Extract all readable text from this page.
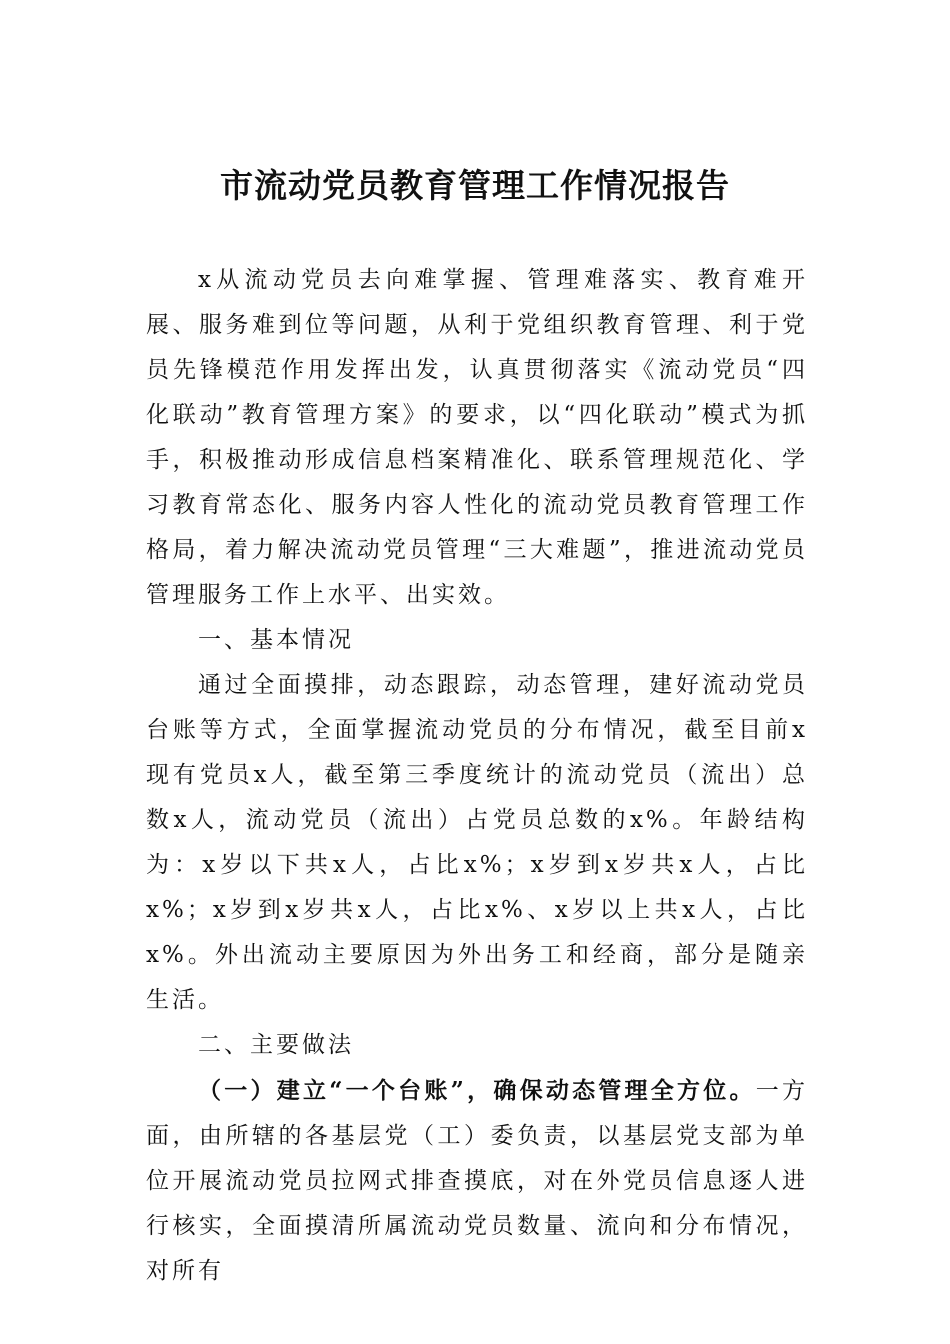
市流动党员教育管理工作情况报告

x从流动党员去向难掌握、管理难落实、教育难开展、服务难到位等问题，从利于党组织教育管理、利于党员先锋模范作用发挥出发，认真贯彻落实《流动党员“四化联动”教育管理方案》的要求，以“四化联动”模式为抓手，积极推动形成信息档案精准化、联系管理规范化、学习教育常态化、服务内容人性化的流动党员教育管理工作格局，着力解决流动党员管理“三大难题”，推进流动党员管理服务工作上水平、出实效。

一、基本情况

通过全面摸排，动态跟踪，动态管理，建好流动党员台账等方式，全面掌握流动党员的分布情况，截至目前x现有党员x人，截至第三季度统计的流动党员（流出）总数x人，流动党员（流出）占党员总数的x%。年龄结构为：x岁以下共x人，占比x%；x岁到x岁共x人，占比x%；x岁到x岁共x人，占比x%、x岁以上共x人，占比x%。外出流动主要原因为外出务工和经商，部分是随亲生活。

二、主要做法

（一）建立“一个台账”，确保动态管理全方位。一方面，由所辖的各基层党（工）委负责，以基层党支部为单位开展流动党员拉网式排查摸底，对在外党员信息逐人进行核实，全面摸清所属流动党员数量、流向和分布情况，对所有
